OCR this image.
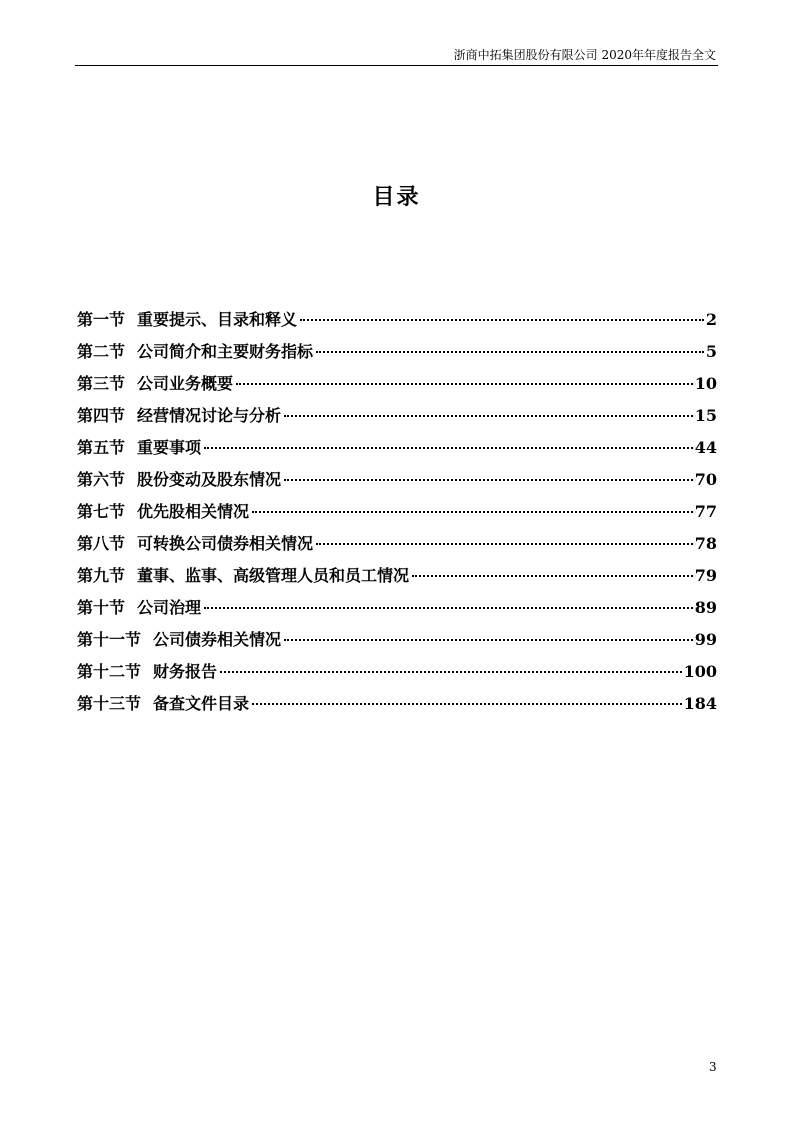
浙商中拓集团股份有限公司 2020年年度报告全文
目录
第一节 重要提示、目录和释义	2
第二节 公司简介和主要财务指标	5
第三节 公司业务概要	10
第四节 经营情况讨论与分析	15
第五节 重要事项	44
第六节 股份变动及股东情况	70
第七节 优先股相关情况	77
第八节 可转换公司债券相关情况	78
第九节 董事、监事、高级管理人员和员工情况	79
第十节 公司治理	89
第十一节 公司债券相关情况	99
第十二节 财务报告	100
第十三节 备查文件目录	184
3
